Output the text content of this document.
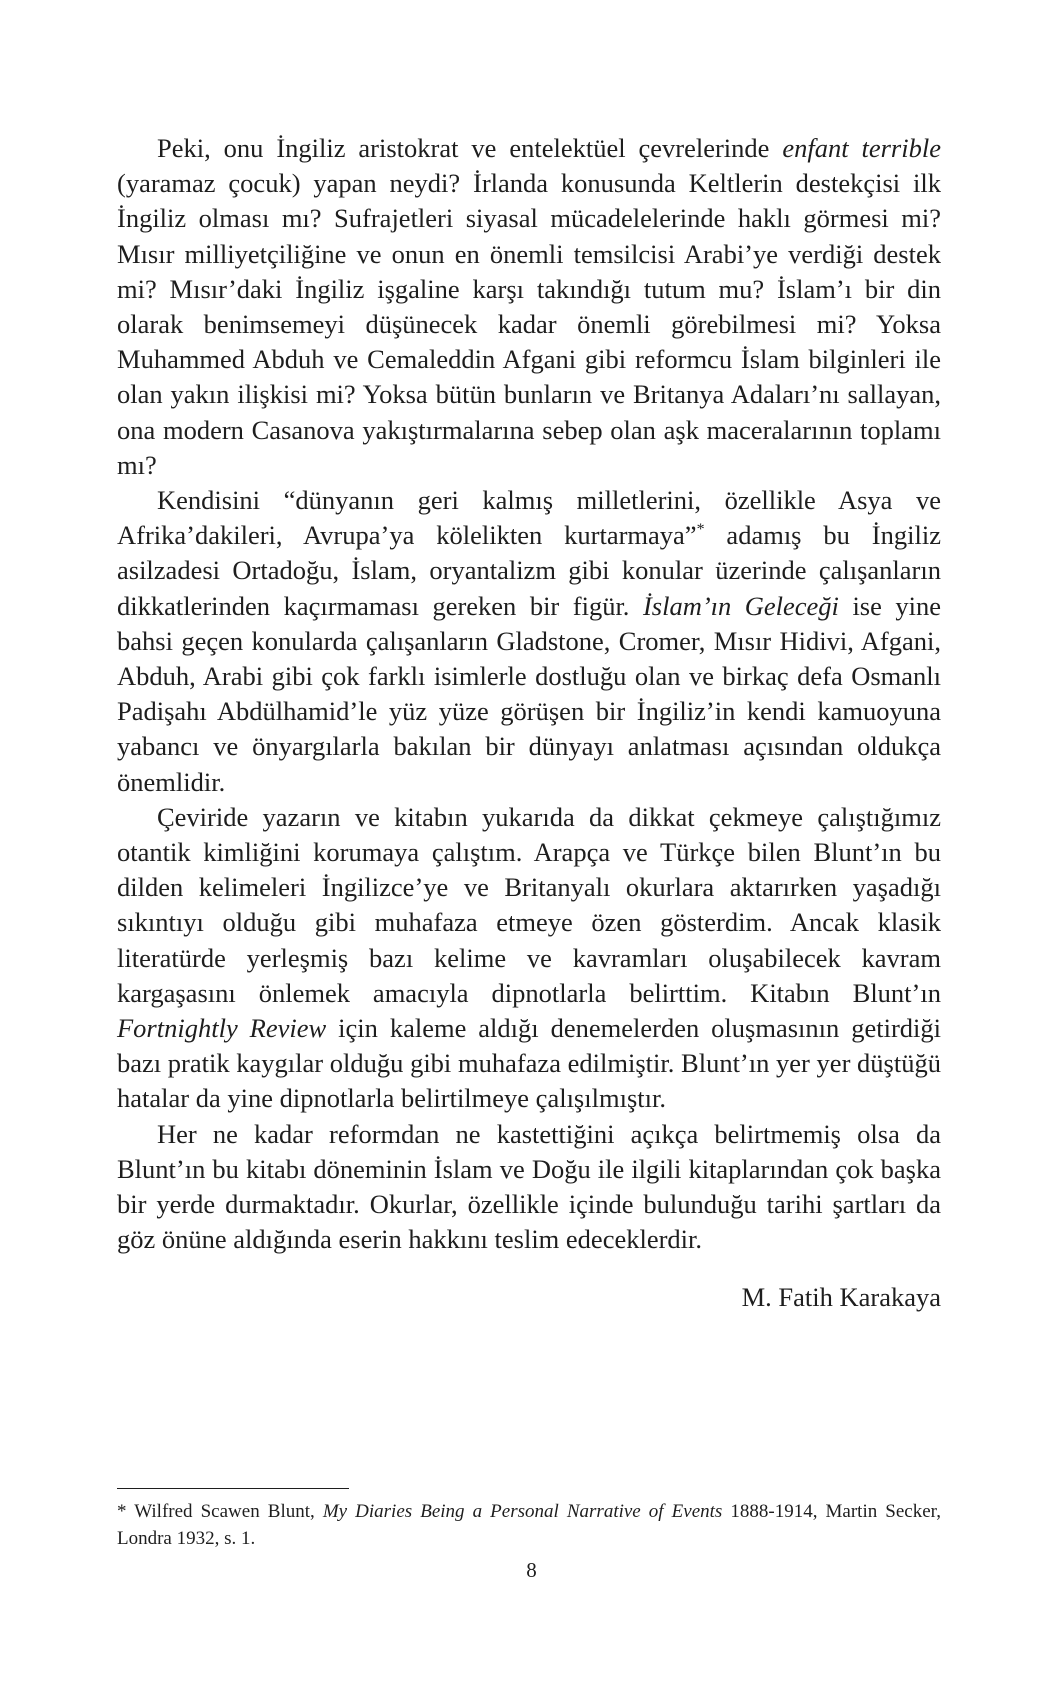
Peki, onu İngiliz aristokrat ve entelektüel çevrelerinde enfant terrible (yaramaz çocuk) yapan neydi? İrlanda konusunda Keltlerin destekçisi ilk İngiliz olması mı? Sufrajetleri siyasal mücadelelerinde haklı görmesi mi? Mısır milliyetçiliğine ve onun en önemli temsilcisi Arabi’ye verdiği destek mi? Mısır’daki İngiliz işgaline karşı takındığı tutum mu? İslam’ı bir din olarak benimsemeyi düşünecek kadar önemli görebilmesi mi? Yoksa Muhammed Abduh ve Cemaleddin Afgani gibi reformcu İslam bilginleri ile olan yakın ilişkisi mi? Yoksa bütün bunların ve Britanya Adaları’nı sallayan, ona modern Casanova yakıştırmalarına sebep olan aşk maceralarının toplamı mı?

Kendisini “dünyanın geri kalmış milletlerini, özellikle Asya ve Afrika’dakileri, Avrupa’ya kölelikten kurtarmaya”* adamış bu İngiliz asilzadesi Ortadoğu, İslam, oryantalizm gibi konular üzerinde çalışanların dikkatlerinden kaçırmaması gereken bir figür. İslam’ın Geleceği ise yine bahsi geçen konularda çalışanların Gladstone, Cromer, Mısır Hidivi, Afgani, Abduh, Arabi gibi çok farklı isimlerle dostluğu olan ve birkaç defa Osmanlı Padişahı Abdülhamid’le yüz yüze görüşen bir İngiliz’in kendi kamuoyuna yabancı ve önyargılarla bakılan bir dünyayı anlatması açısından oldukça önemlidir.

Çeviride yazarın ve kitabın yukarıda da dikkat çekmeye çalıştığımız otantik kimliğini korumaya çalıştım. Arapça ve Türkçe bilen Blunt’ın bu dilden kelimeleri İngilizce’ye ve Britanyalı okurlara aktarırken yaşadığı sıkıntıyı olduğu gibi muhafaza etmeye özen gösterdim. Ancak klasik literatürde yerleşmiş bazı kelime ve kavramları oluşabilecek kavram kargaşasını önlemek amacıyla dipnotlarla belirttim. Kitabın Blunt’ın Fortnightly Review için kaleme aldığı denemelerden oluşmasının getirdiği bazı pratik kaygılar olduğu gibi muhafaza edilmiştir. Blunt’ın yer yer düştüğü hatalar da yine dipnotlarla belirtilmeye çalışılmıştır.

Her ne kadar reformdan ne kastettiğini açıkça belirtmemiş olsa da Blunt’ın bu kitabı döneminin İslam ve Doğu ile ilgili kitaplarından çok başka bir yerde durmaktadır. Okurlar, özellikle içinde bulunduğu tarihi şartları da göz önüne aldığında eserin hakkını teslim edeceklerdir.

M. Fatih Karakaya

* Wilfred Scawen Blunt, My Diaries Being a Personal Narrative of Events 1888-1914, Martin Secker, Londra 1932, s. 1.

8
